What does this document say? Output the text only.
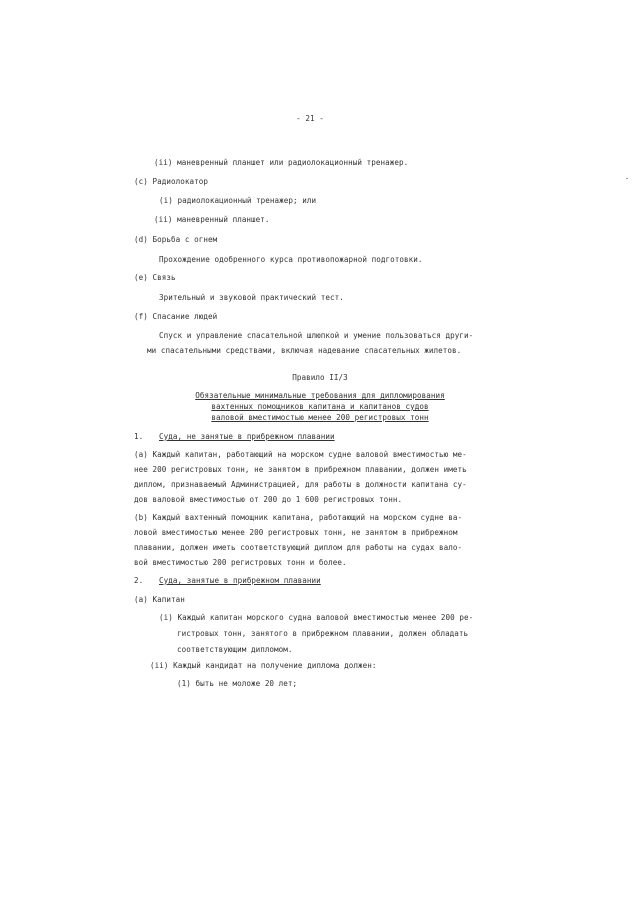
- 21 -
(ii) маневренный планшет или радиолокационный тренажер.
(c) Радиолокатор
(i) радиолокационный тренажер; или
(ii) маневренный планшет.
(d) Борьба с огнем
Прохождение одобренного курса противопожарной подготовки.
(e) Связь
Зрительный и звуковой практический тест.
(f) Спасание людей
Спуск и управление спасательной шлюпкой и умение пользоваться други-
ми спасательными средствами, включая надевание спасательных жилетов.
Правило II/3
Обязательные минимальные требования для дипломирования
вахтенных помощников капитана и капитанов судов
валовой вместимостью менее 200 регистровых тонн
1. Суда, не занятые в прибрежном плавании
(a) Каждый капитан, работающий на морском судне валовой вместимостью ме-
нее 200 регистровых тонн, не занятом в прибрежном плавании, должен иметь
диплом, признаваемый Администрацией, для работы в должности капитана су-
дов валовой вместимостью от 200 до 1 600 регистровых тонн.
(b) Каждый вахтенный помощник капитана, работающий на морском судне ва-
ловой вместимостью менее 200 регистровых тонн, не занятом в прибрежном
плавании, должен иметь соответствующий диплом для работы на судах вало-
вой вместимостью 200 регистровых тонн и более.
2. Суда, занятые в прибрежном плавании
(a) Капитан
(i) Каждый капитан морского судна валовой вместимостью менее 200 ре-
гистровых тонн, занятого в прибрежном плавании, должен обладать
соответствующим дипломом.
(ii) Каждый кандидат на получение диплома должен:
(1) быть не моложе 20 лет;
